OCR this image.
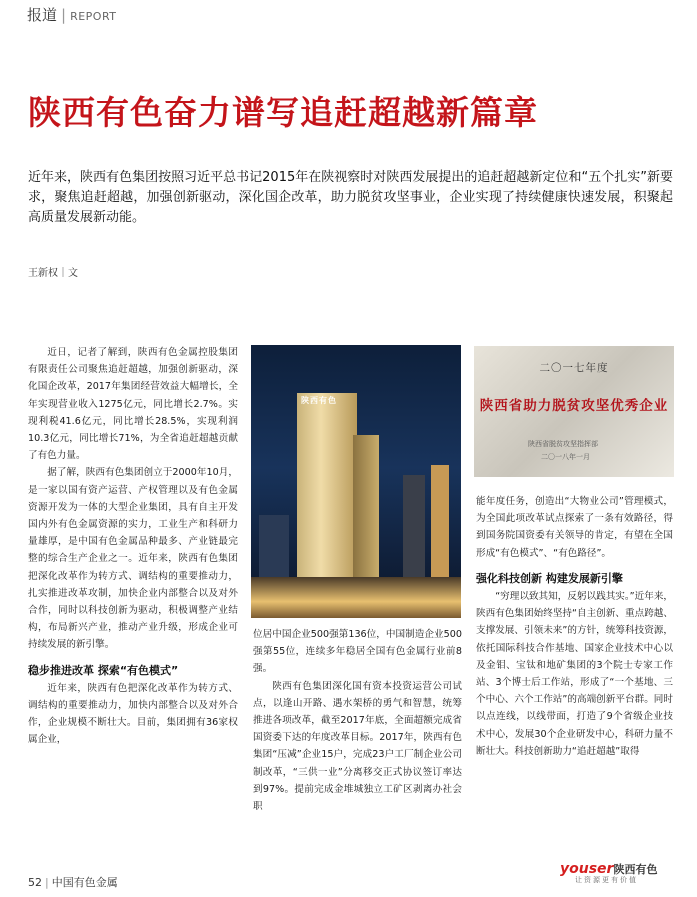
报道 | REPORT
陕西有色奋力谱写追赶超越新篇章
近年来，陕西有色集团按照习近平总书记2015年在陕视察时对陕西发展提出的追赶超越新定位和“五个扎实”新要求，聚焦追赶超越，加强创新驱动，深化国企改革，助力脱贫攻坚事业，企业实现了持续健康快速发展，积聚起高质量发展新动能。
王新权｜文

近日，记者了解到，陕西有色金属控股集团有限责任公司聚焦追赶超越，加强创新驱动，深化国企改革，2017年集团经营效益大幅增长，全年实现营业收入1275亿元，同比增长2.7%。实现利税41.6亿元，同比增长28.5%，实现利润10.3亿元，同比增长71%，为全省追赶超越贡献了有色力量。

据了解，陕西有色集团创立于2000年10月，是一家以国有资产运营、产权管理以及有色金属资源开发为一体的大型企业集团，具有自主开发国内外有色金属资源的实力，工业生产和科研力量雄厚，是中国有色金属品种最多、产业链最完整的综合生产企业之一。近年来，陕西有色集团把深化改革作为转方式、调结构的重要推动力，扎实推进改革攻制，加快企业内部整合以及对外合作，同时以科技创新为驱动，积极调整产业结构，布局新兴产业，推动产业升级，形成企业可持续发展的新引擎。

稳步推进改革 探索“有色模式”

近年来，陕西有色把深化改革作为转方式、调结构的重要推动力，加快内部整合以及对外合作，企业规模不断壮大。目前，集团拥有36家权属企业，

陕西有色

位居中国企业500强第136位，中国制造企业500强第55位，连续多年稳居全国有色金属行业前8强。

陕西有色集团深化国有资本投资运营公司试点，以逢山开路、遇水架桥的勇气和智慧，统筹推进各项改革，截至2017年底，全面超额完成省国资委下达的年度改革目标。2017年，陕西有色集团“压减”企业15户，完成23户工厂制企业公司制改革，“三供一业”分离移交正式协议签订率达到97%。提前完成金堆城独立工矿区剥离办社会职

二〇一七年度
陕西省助力脱贫攻坚优秀企业
陕西省脱贫攻坚指挥部
二〇一八年一月

能年度任务，创造出“大物业公司”管理模式，为全国此项改革试点探索了一条有效路径，得到国务院国资委有关领导的肯定，有望在全国形成“有色模式”、“有色路径”。

强化科技创新 构建发展新引擎

“穷理以致其知，反躬以践其实。”近年来，陕西有色集团始终坚持“自主创新、重点跨越、支撑发展、引领未来”的方针，统筹科技资源，依托国际科技合作基地、国家企业技术中心以及金钼、宝钛和地矿集团的3个院士专家工作站、3个博士后工作站，形成了“一个基地、三个中心、六个工作站”的高端创新平台群。同时以点连线，以线带面，打造了9个省级企业技术中心，发展30个企业研发中心，科研力量不断壮大。科技创新助力“追赶超越”取得

52 | 中国有色金属
youser陕西有色
让资源更有价值
